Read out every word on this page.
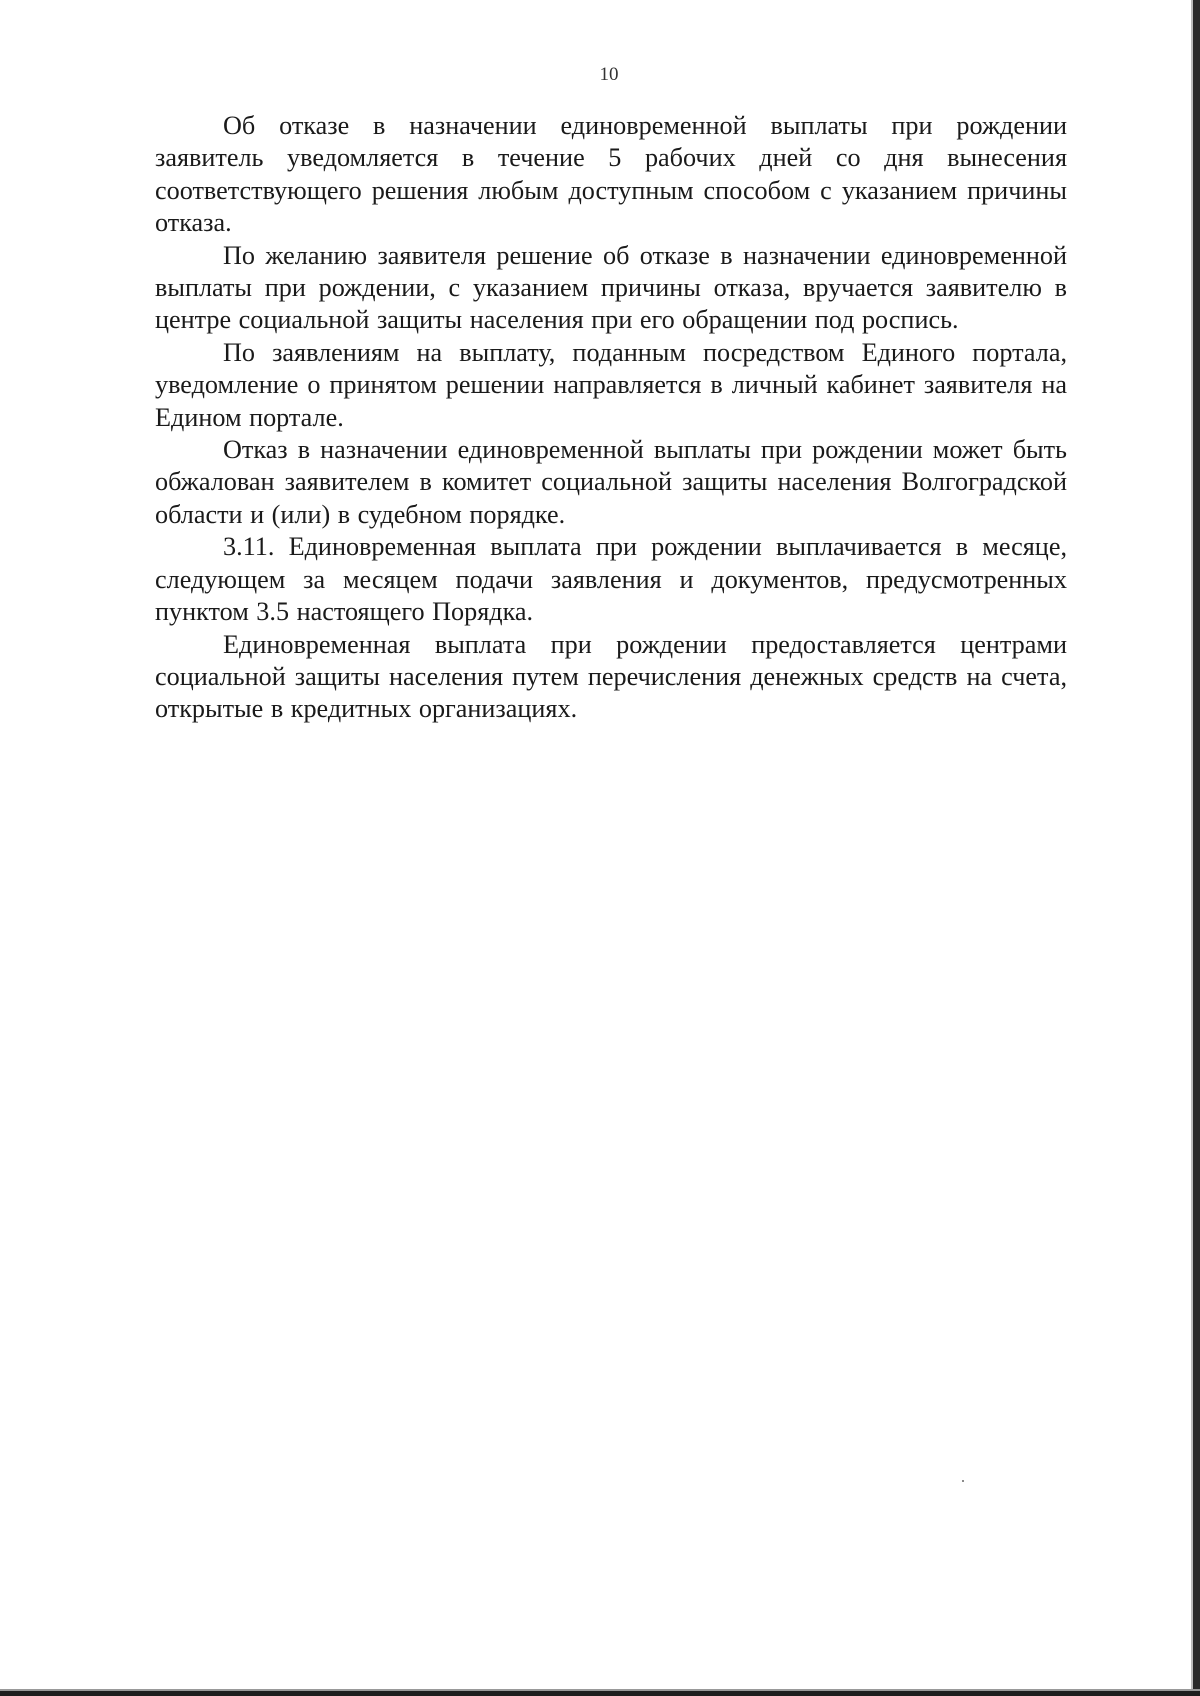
10

Об отказе в назначении единовременной выплаты при рождении заявитель уведомляется в течение 5 рабочих дней со дня вынесения соответствующего решения любым доступным способом с указанием причины отказа.

По желанию заявителя решение об отказе в назначении единовременной выплаты при рождении, с указанием причины отказа, вручается заявителю в центре социальной защиты населения при его обращении под роспись.

По заявлениям на выплату, поданным посредством Единого портала, уведомление о принятом решении направляется в личный кабинет заявителя на Едином портале.

Отказ в назначении единовременной выплаты при рождении может быть обжалован заявителем в комитет социальной защиты населения Волгоградской области и (или) в судебном порядке.

3.11. Единовременная выплата при рождении выплачивается в месяце, следующем за месяцем подачи заявления и документов, предусмотренных пунктом 3.5 настоящего Порядка.

Единовременная выплата при рождении предоставляется центрами социальной защиты населения путем перечисления денежных средств на счета, открытые в кредитных организациях.
